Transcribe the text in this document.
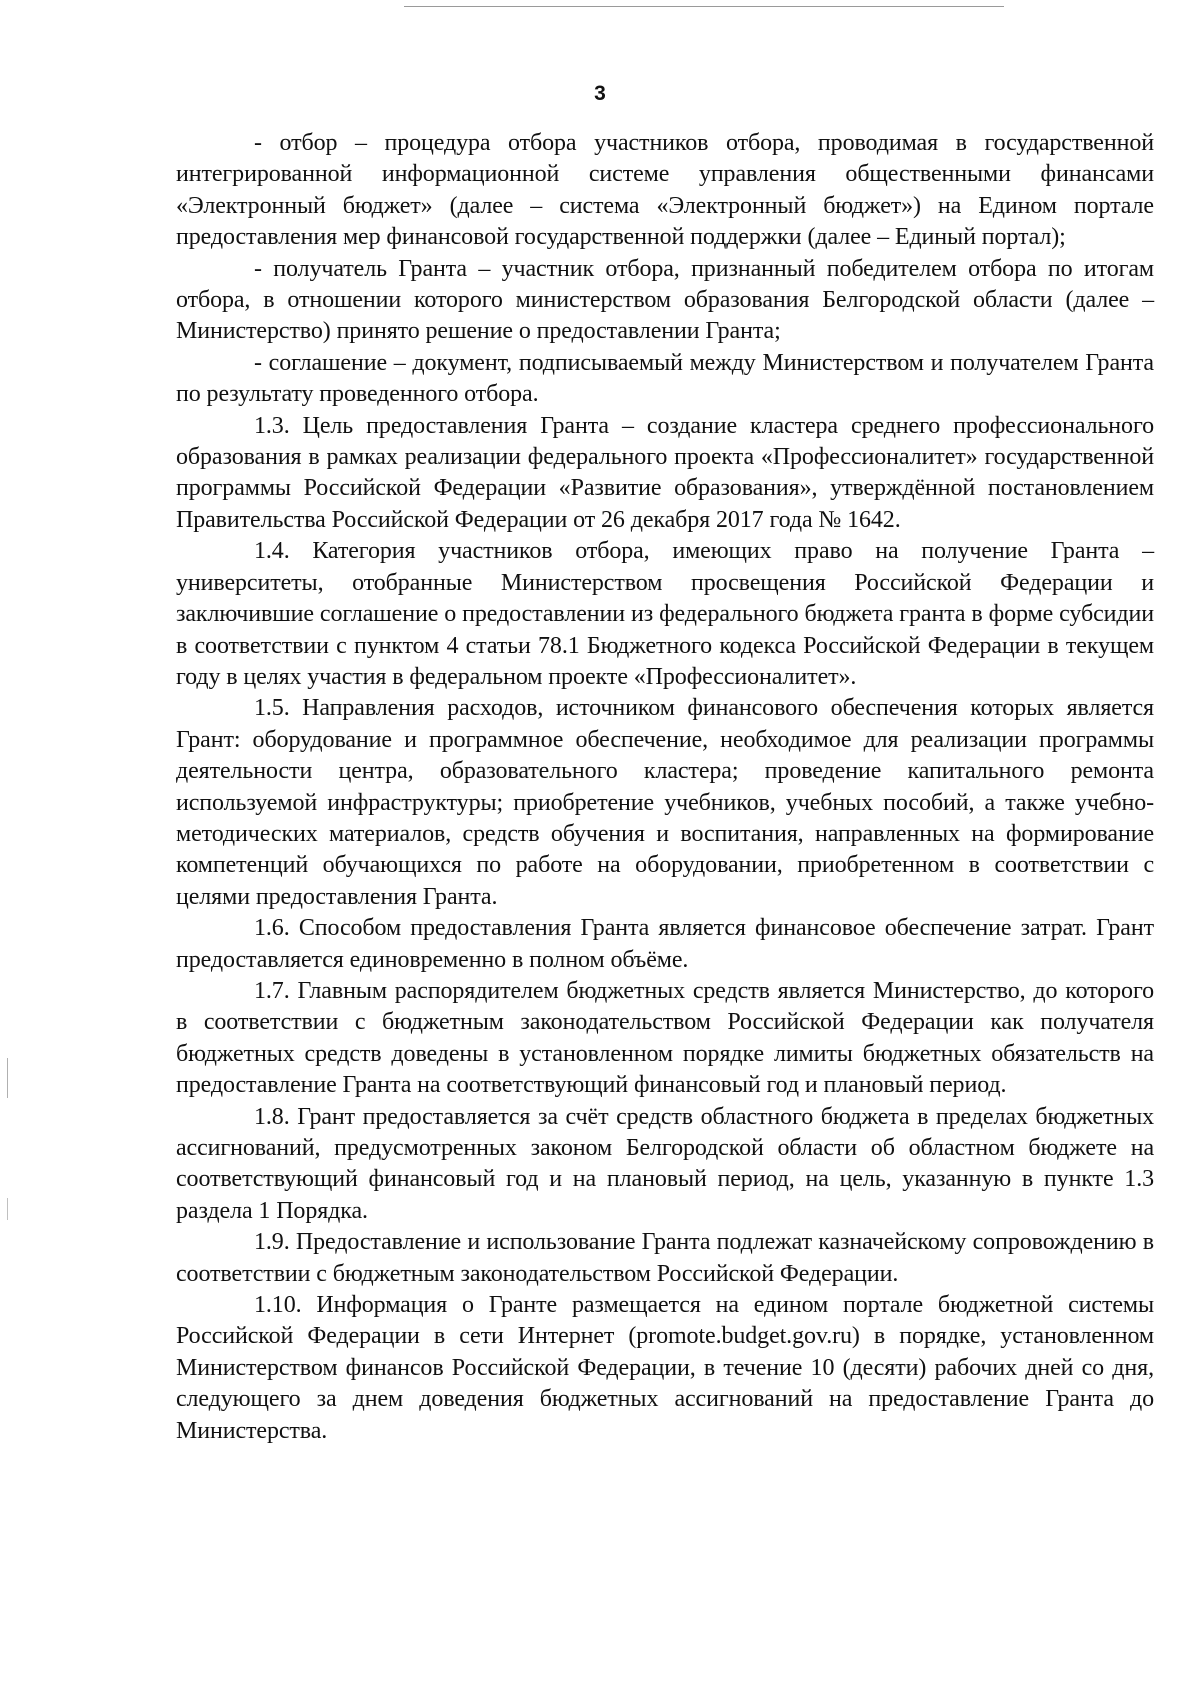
3

- отбор – процедура отбора участников отбора, проводимая в государственной интегрированной информационной системе управления общественными финансами «Электронный бюджет» (далее – система «Электронный бюджет») на Едином портале предоставления мер финансовой государственной поддержки (далее – Единый портал);

- получатель Гранта – участник отбора, признанный победителем отбора по итогам отбора, в отношении которого министерством образования Белгородской области (далее – Министерство) принято решение о предоставлении Гранта;

- соглашение – документ, подписываемый между Министерством и получателем Гранта по результату проведенного отбора.

1.3. Цель предоставления Гранта – создание кластера среднего профессионального образования в рамках реализации федерального проекта «Профессионалитет» государственной программы Российской Федерации «Развитие образования», утверждённой постановлением Правительства Российской Федерации от 26 декабря 2017 года № 1642.

1.4. Категория участников отбора, имеющих право на получение Гранта – университеты, отобранные Министерством просвещения Российской Федерации и заключившие соглашение о предоставлении из федерального бюджета гранта в форме субсидии в соответствии с пунктом 4 статьи 78.1 Бюджетного кодекса Российской Федерации в текущем году в целях участия в федеральном проекте «Профессионалитет».

1.5. Направления расходов, источником финансового обеспечения которых является Грант: оборудование и программное обеспечение, необходимое для реализации программы деятельности центра, образовательного кластера; проведение капитального ремонта используемой инфраструктуры; приобретение учебников, учебных пособий, а также учебно-методических материалов, средств обучения и воспитания, направленных на формирование компетенций обучающихся по работе на оборудовании, приобретенном в соответствии с целями предоставления Гранта.

1.6. Способом предоставления Гранта является финансовое обеспечение затрат. Грант предоставляется единовременно в полном объёме.

1.7. Главным распорядителем бюджетных средств является Министерство, до которого в соответствии с бюджетным законодательством Российской Федерации как получателя бюджетных средств доведены в установленном порядке лимиты бюджетных обязательств на предоставление Гранта на соответствующий финансовый год и плановый период.

1.8. Грант предоставляется за счёт средств областного бюджета в пределах бюджетных ассигнований, предусмотренных законом Белгородской области об областном бюджете на соответствующий финансовый год и на плановый период, на цель, указанную в пункте 1.3 раздела 1 Порядка.

1.9. Предоставление и использование Гранта подлежат казначейскому сопровождению в соответствии с бюджетным законодательством Российской Федерации.

1.10. Информация о Гранте размещается на едином портале бюджетной системы Российской Федерации в сети Интернет (promote.budget.gov.ru) в порядке, установленном Министерством финансов Российской Федерации, в течение 10 (десяти) рабочих дней со дня, следующего за днем доведения бюджетных ассигнований на предоставление Гранта до Министерства.
